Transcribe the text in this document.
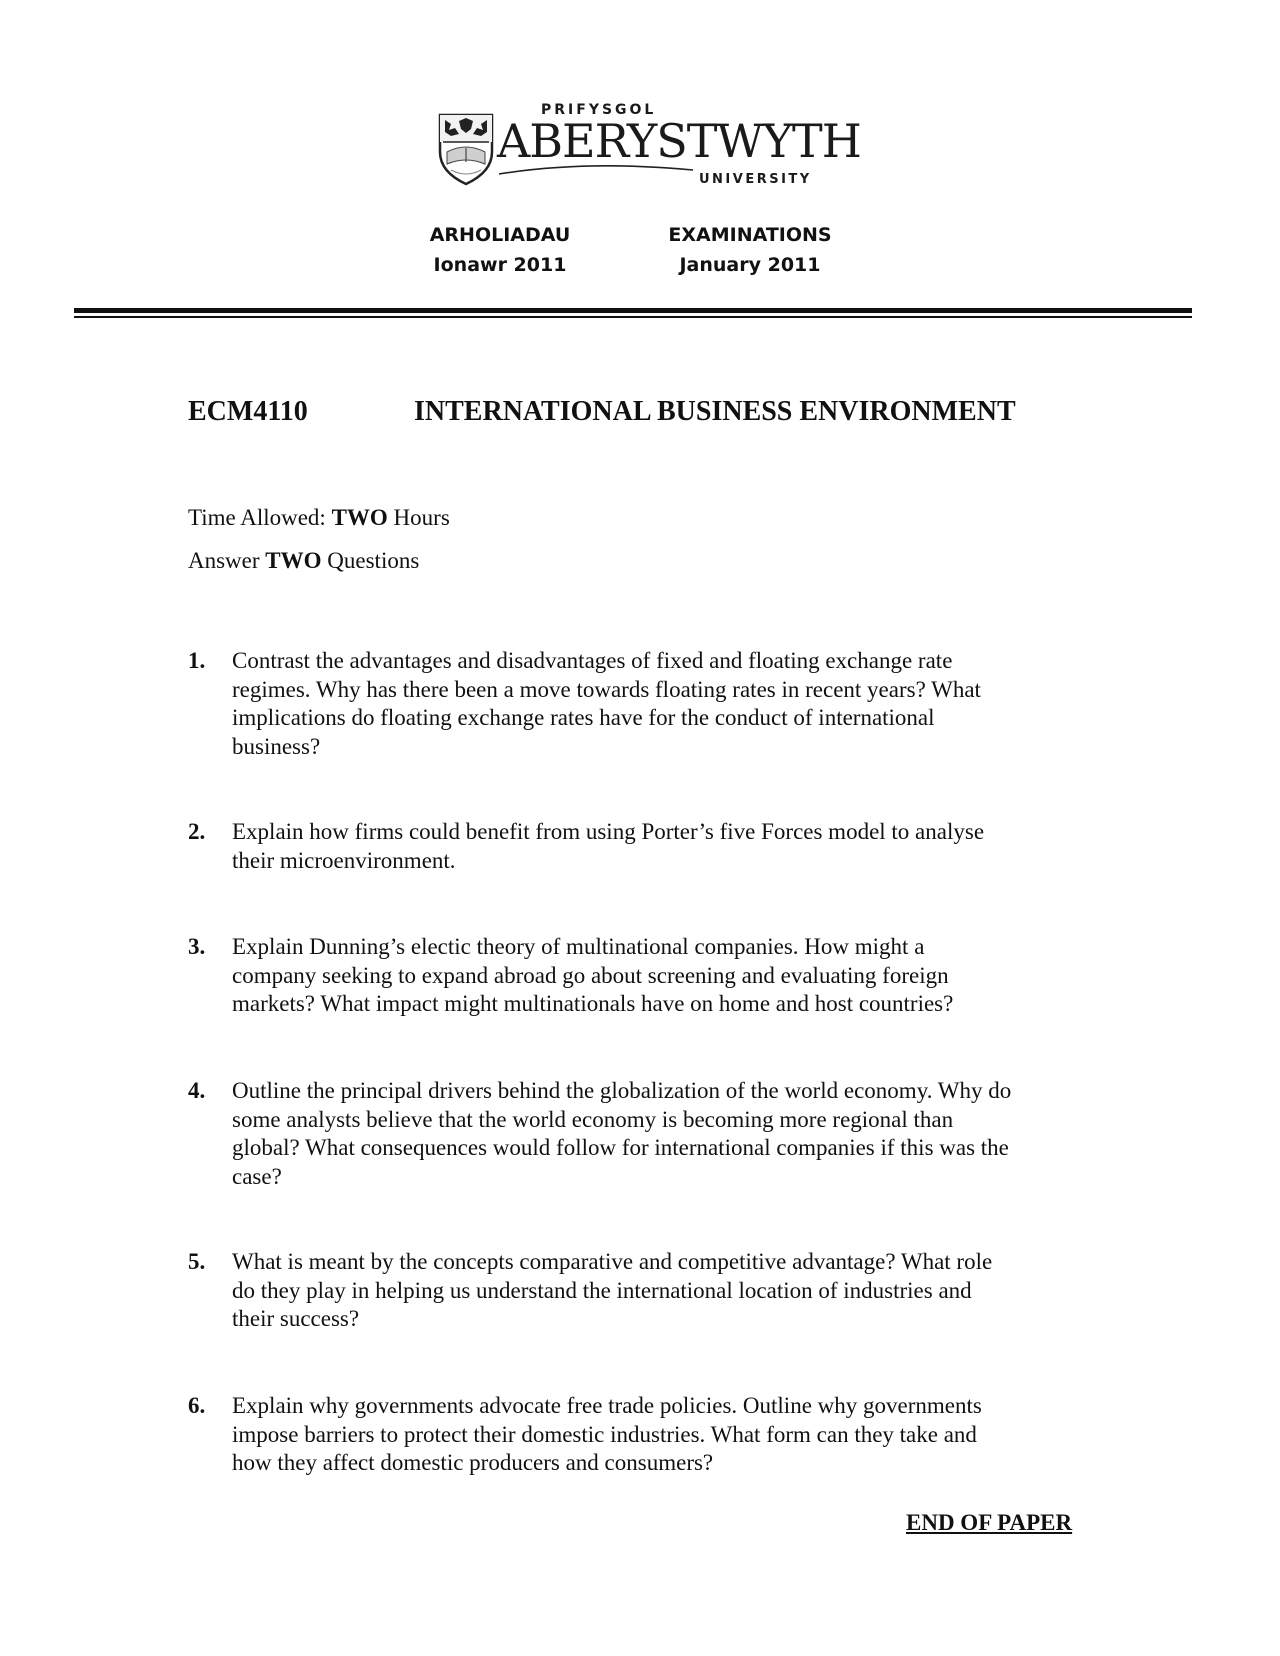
PRIFYSGOL
ABERYSTWYTH
UNIVERSITY
ARHOLIADAU
Ionawr 2011
EXAMINATIONS
January 2011
ECM4110	INTERNATIONAL BUSINESS ENVIRONMENT
Time Allowed: TWO Hours
Answer TWO Questions
1. Contrast the advantages and disadvantages of fixed and floating exchange rate
regimes. Why has there been a move towards floating rates in recent years? What
implications do floating exchange rates have for the conduct of international
business?
2. Explain how firms could benefit from using Porter’s five Forces model to analyse
their microenvironment.
3. Explain Dunning’s electic theory of multinational companies. How might a
company seeking to expand abroad go about screening and evaluating foreign
markets? What impact might multinationals have on home and host countries?
4. Outline the principal drivers behind the globalization of the world economy. Why do
some analysts believe that the world economy is becoming more regional than
global? What consequences would follow for international companies if this was the
case?
5. What is meant by the concepts comparative and competitive advantage? What role
do they play in helping us understand the international location of industries and
their success?
6. Explain why governments advocate free trade policies. Outline why governments
impose barriers to protect their domestic industries. What form can they take and
how they affect domestic producers and consumers?
END OF PAPER
